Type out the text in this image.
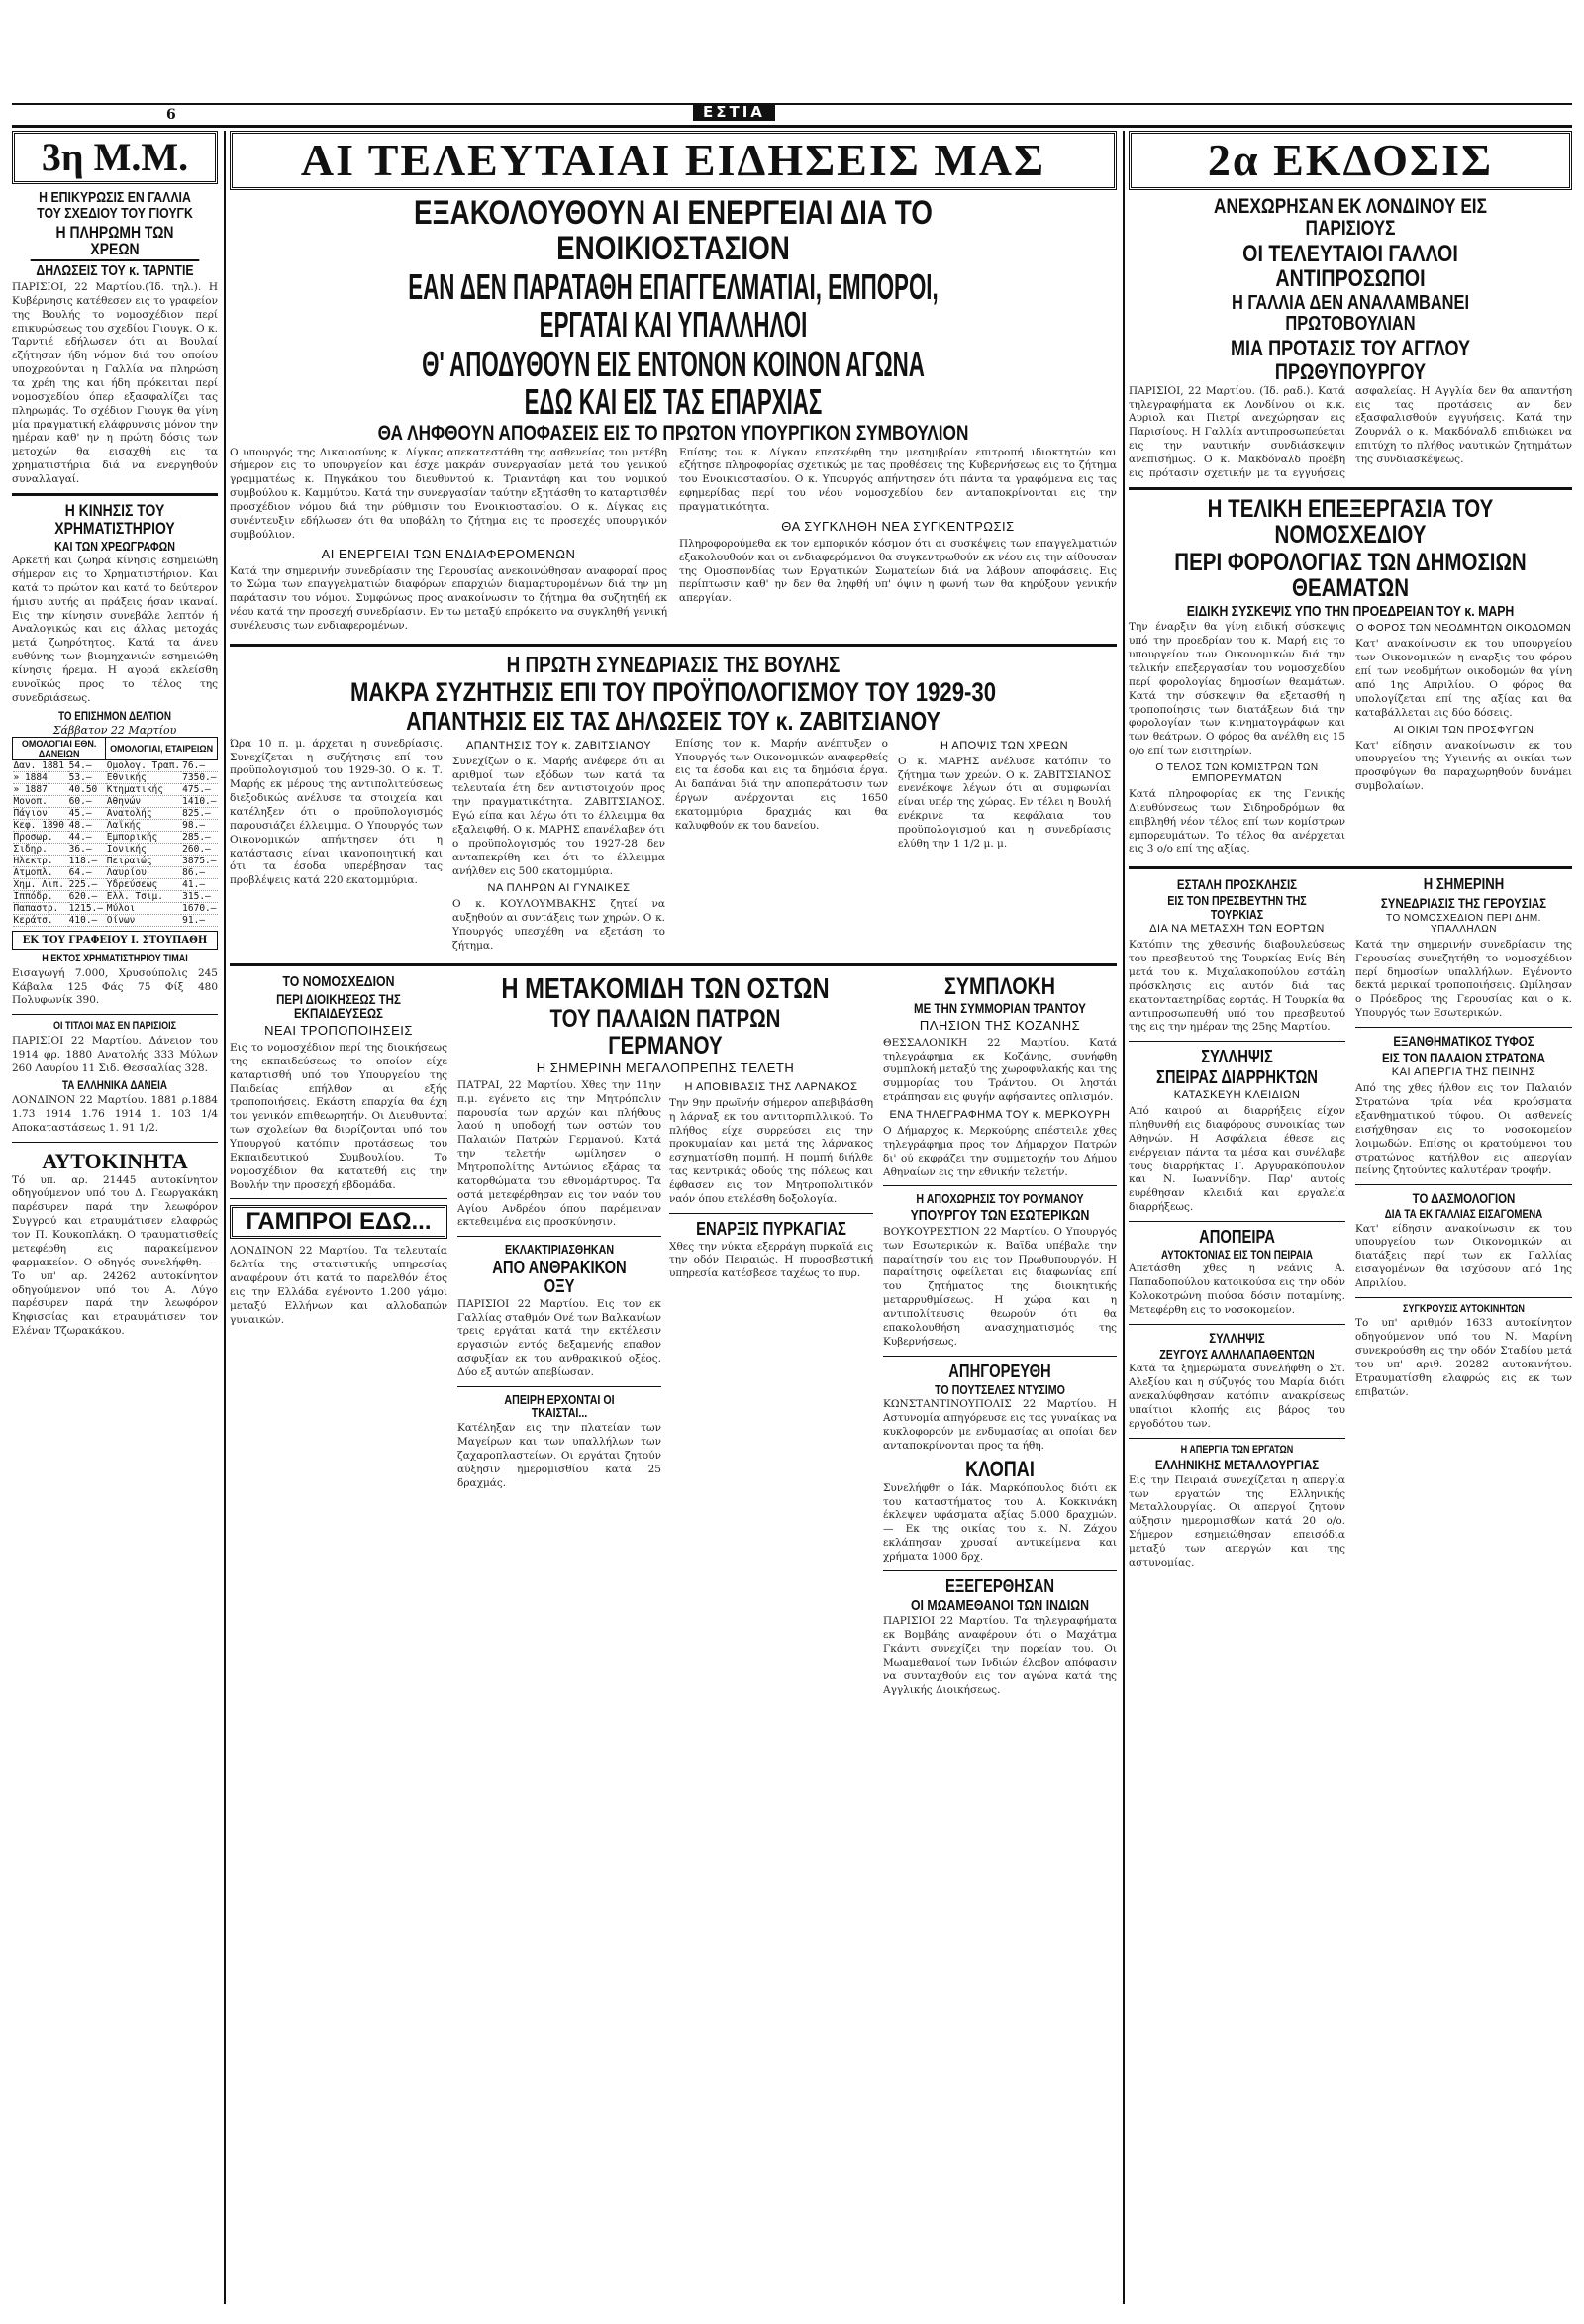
6	ΕΣΤΙΑ
3η Μ.Μ.
Η ΕΠΙΚΥΡΩΣΙΣ ΕΝ ΓΑΛΛΙΑ ΤΟΥ ΣΧΕΔΙΟΥ ΤΟΥ ΓΙΟΥΓΚ
Η ΠΛΗΡΩΜΗ ΤΩΝ ΧΡΕΩΝ
ΔΗΛΩΣΕΙΣ ΤΟΥ κ. ΤΑΡΝΤΙΕ

ΠΑΡΙΣΙΟΙ, 22 Μαρτίου.(Ίδ. τηλ.). Η Κυβέρνησις κατέθεσεν εις το γραφείον της Βουλής το νομοσχέδιον περί επικυρώσεως του σχεδίου Γιουγκ. Ο κ. Ταρντιέ εδήλωσεν ότι αι Βουλαί εζήτησαν ήδη νόμον διά του οποίου υποχρεούνται η Γαλλία να πληρώση τα χρέη της και ήδη πρόκειται περί νομοσχεδίου όπερ εξασφαλίζει τας πληρωμάς. Το σχέδιον Γιουγκ θα γίνη μία πραγματική ελάφρυνσις μόνον την ημέραν καθ' ην η πρώτη δόσις των μετοχών θα εισαχθή εις τα χρηματιστήρια διά να ενεργηθούν συναλλαγαί.

Η ΚΙΝΗΣΙΣ ΤΟΥ ΧΡΗΜΑΤΙΣΤΗΡΙΟΥ
ΚΑΙ ΤΩΝ ΧΡΕΩΓΡΑΦΩΝ

Αρκετή και ζωηρά κίνησις εσημειώθη σήμερον εις το Χρηματιστήριον. Και κατά το πρώτον και κατά το δεύτερον ήμισυ αυτής αι πράξεις ήσαν ικαναί. Εις την κίνησιν συνεβάλε λεπτόν ή Αναλογικώς και εις άλλας μετοχάς μετά ζωηρότητος. Κατά τα άνευ ευθύνης των βιομηχανιών εσημειώθη κίνησις ήρεμα. Η αγορά εκλείσθη ευνοϊκώς προς το τέλος της συνεδριάσεως.

ΤΟ ΕΠΙΣΗΜΟΝ ΔΕΛΤΙΟΝ
Σάββατον 22 Μαρτίου
ΟΜΟΛΟΓΙΑΙ ΕΘΝ. ΔΑΝΕΙΩΝ		ΟΜΟΛΟΓΙΑΙ, ΕΤΑΙΡΕΙΩΝ	
Δαν. 1881	54.—	Ομολογ. Τραπ.	76.—
» 1884	53.—	Εθνικής	7350.—
» 1887	40.50	Κτηματικής	475.—
Μονοπ.	60.—	Αθηνών	1410.—
Πάγιον	45.—	Ανατολής	825.—
Κεφ. 1890	48.—	Λαϊκής	98.—
Προσωρ.	44.—	Εμπορικής	285.—
Σιδηρ.	36.—	Ιονικής	260.—
Ηλεκτρ.	118.—	Πειραιώς	3875.—
Ατμοπλ.	64.—	Λαυρίου	86.—
Χημ. Λιπ.	225.—	Υδρεύσεως	41.—
Ιππόδρ.	620.—	Ελλ. Τσιμ.	315.—
Παπαστρ.	1215.—	Μύλοι	1670.—
Κεράτσ.	410.—	Οίνων	91.—
ΕΚ ΤΟΥ ΓΡΑΦΕΙΟΥ Ι. ΣΤΟΥΠΑΘΗ
Η ΕΚΤΟΣ ΧΡΗΜΑΤΙΣΤΗΡΙΟΥ ΤΙΜΑΙ

Εισαγωγή 7.000, Χρυσούπολις 245 Κάβαλα 125 Φάς 75 Φίξ 480 Πολυφωνίκ 390.

ΟΙ ΤΙΤΛΟΙ ΜΑΣ ΕΝ ΠΑΡΙΣΙΟΙΣ

ΠΑΡΙΣΙΟΙ 22 Μαρτίου. Δάνειον του 1914 φρ. 1880 Ανατολής 333 Μύλων 260 Λαυρίου 11 Σιδ. Θεσσαλίας 328.

ΤΑ ΕΛΛΗΝΙΚΑ ΔΑΝΕΙΑ

ΛΟΝΔΙΝΟΝ 22 Μαρτίου. 1881 ρ.1884 1.73 1914 1.76 1914 1. 103 1/4 Αποκαταστάσεως 1. 91 1/2.

ΑΥΤΟΚΙΝΗΤΑ

Τό υπ. αρ. 21445 αυτοκίνητον οδηγούμενον υπό του Δ. Γεωργακάκη παρέσυρεν παρά την λεωφόρον Συγγρού και ετραυμάτισεν ελαφρώς τον Π. Κουκοπλάκη. Ο τραυματισθείς μετεφέρθη εις παρακείμενον φαρμακείον. Ο οδηγός συνελήφθη. — Το υπ' αρ. 24262 αυτοκίνητον οδηγούμενον υπό του Α. Λύγο παρέσυρεν παρά την λεωφόρον Κηφισσίας και ετραυμάτισεν τον Ελέναν Τζωρακάκου.

ΑΙ ΤΕΛΕΥΤΑΙΑΙ ΕΙΔΗΣΕΙΣ ΜΑΣ
ΕΞΑΚΟΛΟΥΘΟΥΝ ΑΙ ΕΝΕΡΓΕΙΑΙ ΔΙΑ ΤΟ ΕΝΟΙΚΙΟΣΤΑΣΙΟΝ
ΕΑΝ ΔΕΝ ΠΑΡΑΤΑΘΗ ΕΠΑΓΓΕΛΜΑΤΙΑΙ, ΕΜΠΟΡΟΙ, ΕΡΓΑΤΑΙ ΚΑΙ ΥΠΑΛΛΗΛΟΙ
Θ' ΑΠΟΔΥΘΟΥΝ ΕΙΣ ΕΝΤΟΝΟΝ ΚΟΙΝΟΝ ΑΓΩΝΑ ΕΔΩ ΚΑΙ ΕΙΣ ΤΑΣ ΕΠΑΡΧΙΑΣ
ΘΑ ΛΗΦΘΟΥΝ ΑΠΟΦΑΣΕΙΣ ΕΙΣ ΤΟ ΠΡΩΤΟΝ ΥΠΟΥΡΓΙΚΟΝ ΣΥΜΒΟΥΛΙΟΝ

Ο υπουργός της Δικαιοσύνης κ. Δίγκας απεκατεστάθη της ασθενείας του μετέβη σήμερον εις το υπουργείον και έσχε μακράν συνεργασίαν μετά του γενικού γραμματέως κ. Πηγκάκου του διευθυντού κ. Τριαντάφη και του νομικού συμβούλου κ. Καμμύτου. Κατά την συνεργασίαν ταύτην εξητάσθη το καταρτισθέν προσχέδιον νόμου διά την ρύθμισιν του Ενοικιοστασίου. Ο κ. Δίγκας εις συνέντευξιν εδήλωσεν ότι θα υποβάλη το ζήτημα εις το προσεχές υπουργικόν συμβούλιον.

ΑΙ ΕΝΕΡΓΕΙΑΙ ΤΩΝ ΕΝΔΙΑΦΕΡΟΜΕΝΩΝ

Κατά την σημερινήν συνεδρίασιν της Γερουσίας ανεκοινώθησαν αναφοραί προς το Σώμα των επαγγελματιών διαφόρων επαρχιών διαμαρτυρομένων διά την μη παράτασιν του νόμου. Συμφώνως προς ανακοίνωσιν το ζήτημα θα συζητηθή εκ νέου κατά την προσεχή συνεδρίασιν. Εν τω μεταξύ επρόκειτο να συγκληθή γενική συνέλευσις των ενδιαφερομένων.

Επίσης τον κ. Δίγκαν επεσκέφθη την μεσημβρίαν επιτροπή ιδιοκτητών και εζήτησε πληροφορίας σχετικώς με τας προθέσεις της Κυβερνήσεως εις το ζήτημα του Ενοικιοστασίου. Ο κ. Υπουργός απήντησεν ότι πάντα τα γραφόμενα εις τας εφημερίδας περί του νέου νομοσχεδίου δεν ανταποκρίνονται εις την πραγματικότητα.

ΘΑ ΣΥΓΚΛΗΘΗ ΝΕΑ ΣΥΓΚΕΝΤΡΩΣΙΣ

Πληροφορούμεθα εκ τον εμπορικόν κόσμον ότι αι συσκέψεις των επαγγελματιών εξακολουθούν και οι ενδιαφερόμενοι θα συγκεντρωθούν εκ νέου εις την αίθουσαν της Ομοσπονδίας των Εργατικών Σωματείων διά να λάβουν αποφάσεις. Εις περίπτωσιν καθ' ην δεν θα ληφθή υπ' όψιν η φωνή των θα κηρύξουν γενικήν απεργίαν.

Η ΠΡΩΤΗ ΣΥΝΕΔΡΙΑΣΙΣ ΤΗΣ ΒΟΥΛΗΣ
ΜΑΚΡΑ ΣΥΖΗΤΗΣΙΣ ΕΠΙ ΤΟΥ ΠΡΟΫΠΟΛΟΓΙΣΜΟΥ ΤΟΥ 1929-30
ΑΠΑΝΤΗΣΙΣ ΕΙΣ ΤΑΣ ΔΗΛΩΣΕΙΣ ΤΟΥ κ. ΖΑΒΙΤΣΙΑΝΟΥ

Ώρα 10 π. μ. άρχεται η συνεδρίασις. Συνεχίζεται η συζήτησις επί του προϋπολογισμού του 1929-30. Ο κ. Τ. Μαρής εκ μέρους της αντιπολιτεύσεως διεξοδικώς ανέλυσε τα στοιχεία και κατέληξεν ότι ο προϋπολογισμός παρουσιάζει έλλειμμα. Ο Υπουργός των Οικονομικών απήντησεν ότι η κατάστασις είναι ικανοποιητική και ότι τα έσοδα υπερέβησαν τας προβλέψεις κατά 220 εκατομμύρια.

ΑΠΑΝΤΗΣΙΣ ΤΟΥ κ. ΖΑΒΙΤΣΙΑΝΟΥ

Συνεχίζων ο κ. Μαρής ανέφερε ότι αι αριθμοί των εξόδων των κατά τα τελευταία έτη δεν αντιστοιχούν προς την πραγματικότητα. ΖΑΒΙΤΣΙΑΝΟΣ. Εγώ είπα και λέγω ότι το έλλειμμα θα εξαλειφθή. Ο κ. ΜΑΡΗΣ επανέλαβεν ότι ο προϋπολογισμός του 1927-28 δεν ανταπεκρίθη και ότι το έλλειμμα ανήλθεν εις 500 εκατομμύρια.

ΝΑ ΠΛΗΡΩΝ ΑΙ ΓΥΝΑΙΚΕΣ

Ο κ. ΚΟΥΛΟΥΜΒΑΚΗΣ ζητεί να αυξηθούν αι συντάξεις των χηρών. Ο κ. Υπουργός υπεσχέθη να εξετάση το ζήτημα.

Επίσης τον κ. Μαρήν ανέπτυξεν ο Υπουργός των Οικονομικών αναφερθείς εις τα έσοδα και εις τα δημόσια έργα. Αι δαπάναι διά την αποπεράτωσιν των έργων ανέρχονται εις 1650 εκατομμύρια δραχμάς και θα καλυφθούν εκ του δανείου.

Η ΑΠΟΨΙΣ ΤΩΝ ΧΡΕΩΝ

Ο κ. ΜΑΡΗΣ ανέλυσε κατόπιν το ζήτημα των χρεών. Ο κ. ΖΑΒΙΤΣΙΑΝΟΣ ενενέκοψε λέγων ότι αι συμφωνίαι είναι υπέρ της χώρας. Εν τέλει η Βουλή ενέκρινε τα κεφάλαια του προϋπολογισμού και η συνεδρίασις ελύθη την 1 1/2 μ. μ.

ΤΟ ΝΟΜΟΣΧΕΔΙΟΝ
ΠΕΡΙ ΔΙΟΙΚΗΣΕΩΣ ΤΗΣ ΕΚΠΑΙΔΕΥΣΕΩΣ
ΝΕΑΙ ΤΡΟΠΟΠΟΙΗΣΕΙΣ

Εις το νομοσχέδιον περί της διοικήσεως της εκπαιδεύσεως το οποίον είχε καταρτισθή υπό του Υπουργείου της Παιδείας επήλθον αι εξής τροποποιήσεις. Εκάστη επαρχία θα έχη τον γενικόν επιθεωρητήν. Οι Διευθυνταί των σχολείων θα διορίζονται υπό του Υπουργού κατόπιν προτάσεως του Εκπαιδευτικού Συμβουλίου. Το νομοσχέδιον θα κατατεθή εις την Βουλήν την προσεχή εβδομάδα.

ΓΑΜΠΡΟΙ ΕΔΩ...

ΛΟΝΔΙΝΟΝ 22 Μαρτίου. Τα τελευταία δελτία της στατιστικής υπηρεσίας αναφέρουν ότι κατά το παρελθόν έτος εις την Ελλάδα εγένοντο 1.200 γάμοι μεταξύ Ελλήνων και αλλοδαπών γυναικών.

Η ΜΕΤΑΚΟΜΙΔΗ ΤΩΝ ΟΣΤΩΝ
ΤΟΥ ΠΑΛΑΙΩΝ ΠΑΤΡΩΝ ΓΕΡΜΑΝΟΥ
Η ΣΗΜΕΡΙΝΗ ΜΕΓΑΛΟΠΡΕΠΗΣ ΤΕΛΕΤΗ

ΠΑΤΡΑΙ, 22 Μαρτίου. Χθες την 11ην π.μ. εγένετο εις την Μητρόπολιν παρουσία των αρχών και πλήθους λαού η υποδοχή των οστών του Παλαιών Πατρών Γερμανού. Κατά την τελετήν ωμίλησεν ο Μητροπολίτης Αντώνιος εξάρας τα κατορθώματα του εθνομάρτυρος. Τα οστά μετεφέρθησαν εις τον ναόν του Αγίου Ανδρέου όπου παρέμειναν εκτεθειμένα εις προσκύνησιν.

ΕΚΛΑΚΤΙΡΙΑΣΘΗΚΑΝ
ΑΠΟ ΑΝΘΡΑΚΙΚΟΝ ΟΞΥ

ΠΑΡΙΣΙΟΙ 22 Μαρτίου. Εις τον εκ Γαλλίας σταθμόν Ονέ των Βαλκανίων τρεις εργάται κατά την εκτέλεσιν εργασιών εντός δεξαμενής επαθον ασφυξίαν εκ του ανθρακικού οξέος. Δύο εξ αυτών απεβίωσαν.

ΑΠΕΙΡΗ ΕΡΧΟΝΤΑΙ ΟΙ ΤΚΑΙΣΤΑΙ...

Κατέληξαν εις την πλατείαν των Μαγείρων και των υπαλλήλων των ζαχαροπλαστείων. Οι εργάται ζητούν αύξησιν ημερομισθίου κατά 25 δραχμάς.

Η ΑΠΟΒΙΒΑΣΙΣ ΤΗΣ ΛΑΡΝΑΚΟΣ

Την 9ην πρωϊνήν σήμερον απεβιβάσθη η λάρναξ εκ του αντιτορπιλλικού. Το πλήθος είχε συρρεύσει εις την προκυμαίαν και μετά της λάρνακος εσχηματίσθη πομπή. Η πομπή διήλθε τας κεντρικάς οδούς της πόλεως και έφθασεν εις τον Μητροπολιτικόν ναόν όπου ετελέσθη δοξολογία.

ΕΝΑΡΞΙΣ ΠΥΡΚΑΓΙΑΣ

Χθες την νύκτα εξερράγη πυρκαϊά εις την οδόν Πειραιώς. Η πυροσβεστική υπηρεσία κατέσβεσε ταχέως το πυρ.

ΣΥΜΠΛΟΚΗ
ΜΕ ΤΗΝ ΣΥΜΜΟΡΙΑΝ ΤΡΑΝΤΟΥ
ΠΛΗΣΙΟΝ ΤΗΣ ΚΟΖΑΝΗΣ

ΘΕΣΣΑΛΟΝΙΚΗ 22 Μαρτίου. Κατά τηλεγράφημα εκ Κοζάνης, συνήφθη συμπλοκή μεταξύ της χωροφυλακής και της συμμορίας του Τράντου. Οι ληστάι ετράπησαν εις φυγήν αφήσαντες οπλισμόν.

ΕΝΑ ΤΗΛΕΓΡΑΦΗΜΑ ΤΟΥ κ. ΜΕΡΚΟΥΡΗ

Ο Δήμαρχος κ. Μερκούρης απέστειλε χθες τηλεγράφημα προς τον Δήμαρχον Πατρών δι' ού εκφράζει την συμμετοχήν του Δήμου Αθηναίων εις την εθνικήν τελετήν.

Η ΑΠΟΧΩΡΗΣΙΣ ΤΟΥ ΡΟΥΜΑΝΟΥ
ΥΠΟΥΡΓΟΥ ΤΩΝ ΕΣΩΤΕΡΙΚΩΝ

ΒΟΥΚΟΥΡΕΣΤΙΟΝ 22 Μαρτίου. Ο Υπουργός των Εσωτερικών κ. Βαϊδα υπέβαλε την παραίτησίν του εις τον Πρωθυπουργόν. Η παραίτησις οφείλεται εις διαφωνίας επί του ζητήματος της διοικητικής μεταρρυθμίσεως. Η χώρα και η αντιπολίτευσις θεωρούν ότι θα επακολουθήση ανασχηματισμός της Κυβερνήσεως.

ΑΠΗΓΟΡΕΥΘΗ
ΤΟ ΠΟΥΤΣΕΛΕΣ ΝΤΥΣΙΜΟ

ΚΩΝΣΤΑΝΤΙΝΟΥΠΟΛΙΣ 22 Μαρτίου. Η Αστυνομία απηγόρευσε εις τας γυναίκας να κυκλοφορούν με ενδυμασίας αι οποίαι δεν ανταποκρίνονται προς τα ήθη.

ΚΛΟΠΑΙ

Συνελήφθη ο Ιάκ. Μαρκόπουλος διότι εκ του καταστήματος του Α. Κοκκινάκη έκλεψεν υφάσματα αξίας 5.000 δραχμών. — Εκ της οικίας του κ. Ν. Ζάχου εκλάπησαν χρυσαί αντικείμενα και χρήματα 1000 δρχ.

ΕΞΕΓΕΡΘΗΣΑΝ
ΟΙ ΜΩΑΜΕΘΑΝΟΙ ΤΩΝ ΙΝΔΙΩΝ

ΠΑΡΙΣΙΟΙ 22 Μαρτίου. Τα τηλεγραφήματα εκ Βομβάης αναφέρουν ότι ο Μαχάτμα Γκάντι συνεχίζει την πορείαν του. Οι Μωαμεθανοί των Ινδιών έλαβον απόφασιν να συνταχθούν εις τον αγώνα κατά της Αγγλικής Διοικήσεως.

2α ΕΚΔΟΣΙΣ
ΑΝΕΧΩΡΗΣΑΝ ΕΚ ΛΟΝΔΙΝΟΥ ΕΙΣ ΠΑΡΙΣΙΟΥΣ
ΟΙ ΤΕΛΕΥΤΑΙΟΙ ΓΑΛΛΟΙ ΑΝΤΙΠΡΟΣΩΠΟΙ
Η ΓΑΛΛΙΑ ΔΕΝ ΑΝΑΛΑΜΒΑΝΕΙ ΠΡΩΤΟΒΟΥΛΙΑΝ
ΜΙΑ ΠΡΟΤΑΣΙΣ ΤΟΥ ΑΓΓΛΟΥ ΠΡΩΘΥΠΟΥΡΓΟΥ

ΠΑΡΙΣΙΟΙ, 22 Μαρτίου. (Ίδ. ραδ.). Κατά τηλεγραφήματα εκ Λονδίνου οι κ.κ. Αυριολ και Πιετρί ανεχώρησαν εις Παρισίους. Η Γαλλία αντιπροσωπεύεται εις την ναυτικήν συνδιάσκεψιν ανεπισήμως. Ο κ. Μακδόναλδ προέβη εις πρότασιν σχετικήν με τα εγγυήσεις ασφαλείας. Η Αγγλία δεν θα απαντήση εις τας προτάσεις αν δεν εξασφαλισθούν εγγυήσεις. Κατά την Ζουρνάλ ο κ. Μακδόναλδ επιδιώκει να επιτύχη το πλήθος ναυτικών ζητημάτων της συνδιασκέψεως.

Η ΤΕΛΙΚΗ ΕΠΕΞΕΡΓΑΣΙΑ ΤΟΥ ΝΟΜΟΣΧΕΔΙΟΥ
ΠΕΡΙ ΦΟΡΟΛΟΓΙΑΣ ΤΩΝ ΔΗΜΟΣΙΩΝ ΘΕΑΜΑΤΩΝ
ΕΙΔΙΚΗ ΣΥΣΚΕΨΙΣ ΥΠΟ ΤΗΝ ΠΡΟΕΔΡΕΙΑΝ ΤΟΥ κ. ΜΑΡΗ

Την έναρξιν θα γίνη ειδική σύσκεψις υπό την προεδρίαν του κ. Μαρή εις το υπουργείον των Οικονομικών διά την τελικήν επεξεργασίαν του νομοσχεδίου περί φορολογίας δημοσίων θεαμάτων. Κατά την σύσκεψιν θα εξετασθή η τροποποίησις των διατάξεων διά την φορολογίαν των κινηματογράφων και των θεάτρων. Ο φόρος θα ανέλθη εις 15 ο/ο επί των εισιτηρίων.

Ο ΤΕΛΟΣ ΤΩΝ ΚΟΜΙΣΤΡΩΝ ΤΩΝ ΕΜΠΟΡΕΥΜΑΤΩΝ

Κατά πληροφορίας εκ της Γενικής Διευθύνσεως των Σιδηροδρόμων θα επιβληθή νέον τέλος επί των κομίστρων εμπορευμάτων. Το τέλος θα ανέρχεται εις 3 ο/ο επί της αξίας.

Ο ΦΟΡΟΣ ΤΩΝ ΝΕΟΔΜΗΤΩΝ ΟΙΚΟΔΟΜΩΝ

Κατ' ανακοίνωσιν εκ του υπουργείου των Οικονομικών η εναρξις του φόρου επί των νεοδμήτων οικοδομών θα γίνη από 1ης Απριλίου. Ο φόρος θα υπολογίζεται επί της αξίας και θα καταβάλλεται εις δύο δόσεις.

ΑΙ ΟΙΚΙΑΙ ΤΩΝ ΠΡΟΣΦΥΓΩΝ

Κατ' είδησιν ανακοίνωσιν εκ του υπουργείου της Υγιεινής αι οικίαι των προσφύγων θα παραχωρηθούν δυνάμει συμβολαίων.

ΕΣΤΑΛΗ ΠΡΟΣΚΛΗΣΙΣ
ΕΙΣ ΤΟΝ ΠΡΕΣΒΕΥΤΗΝ ΤΗΣ ΤΟΥΡΚΙΑΣ
ΔΙΑ ΝΑ ΜΕΤΑΣΧΗ ΤΩΝ ΕΟΡΤΩΝ

Κατόπιν της χθεσινής διαβουλεύσεως του πρεσβευτού της Τουρκίας Ενίς Βέη μετά του κ. Μιχαλακοπούλου εστάλη πρόσκλησις εις αυτόν διά τας εκατονταετηρίδας εορτάς. Η Τουρκία θα αντιπροσωπευθή υπό του πρεσβευτού της εις την ημέραν της 25ης Μαρτίου.

ΣΥΛΛΗΨΙΣ
ΣΠΕΙΡΑΣ ΔΙΑΡΡΗΚΤΩΝ
ΚΑΤΑΣΚΕΥΗ ΚΛΕΙΔΙΩΝ

Από καιρού αι διαρρήξεις είχον πληθυνθή εις διαφόρους συνοικίας των Αθηνών. Η Ασφάλεια έθεσε εις ενέργειαν πάντα τα μέσα και συνέλαβε τους διαρρήκτας Γ. Αργυρακόπουλον και Ν. Ιωαννίδην. Παρ' αυτοίς ευρέθησαν κλειδιά και εργαλεία διαρρήξεως.

ΑΠΟΠΕΙΡΑ
ΑΥΤΟΚΤΟΝΙΑΣ ΕΙΣ ΤΟΝ ΠΕΙΡΑΙΑ

Απετάσθη χθες η νεάνις Α. Παπαδοπούλου κατοικούσα εις την οδόν Κολοκοτρώνη πιούσα δόσιν ποταμίνης. Μετεφέρθη εις το νοσοκομείον.

ΣΥΛΛΗΨΙΣ
ΖΕΥΓΟΥΣ ΑΛΛΗΛΑΠΑΘΕΝΤΩΝ

Κατά τα ξημερώματα συνελήφθη ο Στ. Αλεξίου και η σύζυγός του Μαρία διότι ανεκαλύφθησαν κατόπιν ανακρίσεως υπαίτιοι κλοπής εις βάρος του εργοδότου των.

Η ΑΠΕΡΓΙΑ ΤΩΝ ΕΡΓΑΤΩΝ
ΕΛΛΗΝΙΚΗΣ ΜΕΤΑΛΛΟΥΡΓΙΑΣ

Εις την Πειραιά συνεχίζεται η απεργία των εργατών της Ελληνικής Μεταλλουργίας. Οι απεργοί ζητούν αύξησιν ημερομισθίων κατά 20 ο/ο. Σήμερον εσημειώθησαν επεισόδια μεταξύ των απεργών και της αστυνομίας.

Η ΣΗΜΕΡΙΝΗ
ΣΥΝΕΔΡΙΑΣΙΣ ΤΗΣ ΓΕΡΟΥΣΙΑΣ
ΤΟ ΝΟΜΟΣΧΕΔΙΟΝ ΠΕΡΙ ΔΗΜ. ΥΠΑΛΛΗΛΩΝ

Κατά την σημερινήν συνεδρίασιν της Γερουσίας συνεζητήθη το νομοσχέδιον περί δημοσίων υπαλλήλων. Εγένοντο δεκτά μερικαί τροποποιήσεις. Ωμίλησαν ο Πρόεδρος της Γερουσίας και ο κ. Υπουργός των Εσωτερικών.

ΕΞΑΝΘΗΜΑΤΙΚΟΣ ΤΥΦΟΣ
ΕΙΣ ΤΟΝ ΠΑΛΑΙΟΝ ΣΤΡΑΤΩΝΑ
ΚΑΙ ΑΠΕΡΓΙΑ ΤΗΣ ΠΕΙΝΗΣ

Από της χθες ήλθον εις τον Παλαιόν Στρατώνα τρία νέα κρούσματα εξανθηματικού τύφου. Οι ασθενείς εισήχθησαν εις το νοσοκομείον λοιμωδών. Επίσης οι κρατούμενοι του στρατώνος κατήλθον εις απεργίαν πείνης ζητούντες καλυτέραν τροφήν.

ΤΟ ΔΑΣΜΟΛΟΓΙΟΝ
ΔΙΑ ΤΑ ΕΚ ΓΑΛΛΙΑΣ ΕΙΣΑΓΟΜΕΝΑ

Κατ' είδησιν ανακοίνωσιν εκ του υπουργείου των Οικονομικών αι διατάξεις περί των εκ Γαλλίας εισαγομένων θα ισχύσουν από 1ης Απριλίου.

ΣΥΓΚΡΟΥΣΙΣ ΑΥΤΟΚΙΝΗΤΩΝ

Το υπ' αριθμόν 1633 αυτοκίνητον οδηγούμενον υπό του Ν. Μαρίνη συνεκρούσθη εις την οδόν Σταδίου μετά του υπ' αριθ. 20282 αυτοκινήτου. Ετραυματίσθη ελαφρώς εις εκ των επιβατών.
